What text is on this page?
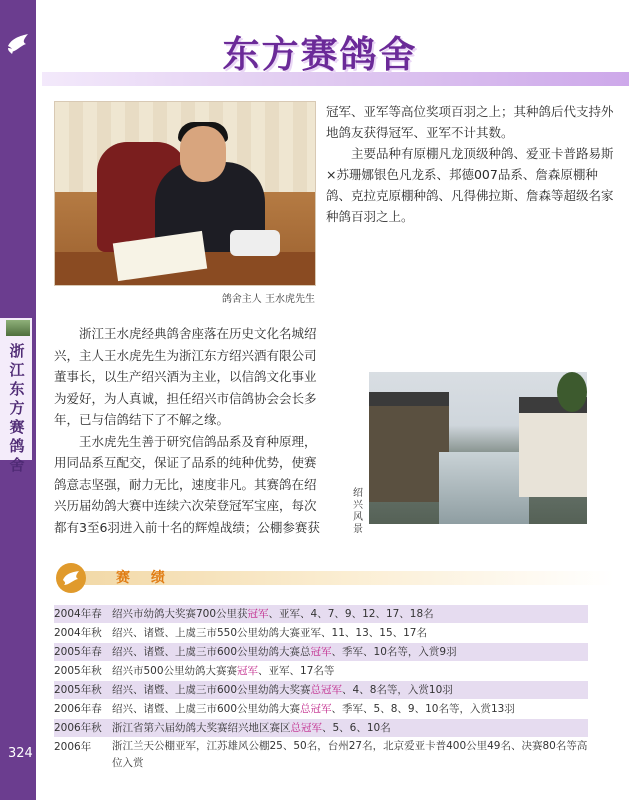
324
浙江东方赛鸽舍
东方赛鸽舍
鸽舍主人 王水虎先生

冠军、亚军等高位奖项百羽之上；其种鸽后代支持外地鸽友获得冠军、亚军不计其数。

主要品种有原棚凡龙顶级种鸽、爱亚卡普路易斯×苏珊娜银色凡龙系、邦德007品系、詹森原棚种鸽、克拉克原棚种鸽、凡得佛拉斯、詹森等超级名家种鸽百羽之上。

浙江王水虎经典鸽舍座落在历史文化名城绍兴，主人王水虎先生为浙江东方绍兴酒有限公司董事长，以生产绍兴酒为主业，以信鸽文化事业为爱好，为人真诚，担任绍兴市信鸽协会会长多年，已与信鸽结下了不解之缘。

王水虎先生善于研究信鸽品系及育种原理，用同品系互配交，保证了品系的纯种优势，使赛鸽意志坚强，耐力无比，速度非凡。其赛鸽在绍兴历届幼鸽大赛中连续六次荣登冠军宝座，每次都有3至6羽进入前十名的辉煌战绩；公棚参赛获

绍兴风景
赛 绩
2004年春 绍兴市幼鸽大奖赛700公里获冠军、亚军、4、7、9、12、17、18名
2004年秋 绍兴、诸暨、上虞三市550公里幼鸽大赛亚军、11、13、15、17名
2005年春 绍兴、诸暨、上虞三市600公里幼鸽大赛总冠军、季军、10名等，入赏9羽
2005年秋 绍兴市500公里幼鸽大赛赛冠军、亚军、17名等
2005年秋 绍兴、诸暨、上虞三市600公里幼鸽大奖赛总冠军、4、8名等，入赏10羽
2006年春 绍兴、诸暨、上虞三市600公里幼鸽大赛总冠军、季军、5、8、9、10名等，入赏13羽
2006年秋 浙江省第六届幼鸽大奖赛绍兴地区赛区总冠军、5、6、10名
2006年	浙江兰天公棚亚军，江苏雄风公棚25、50名，台州27名，北京爱亚卡普400公里49名、决赛80名等高位入赏
